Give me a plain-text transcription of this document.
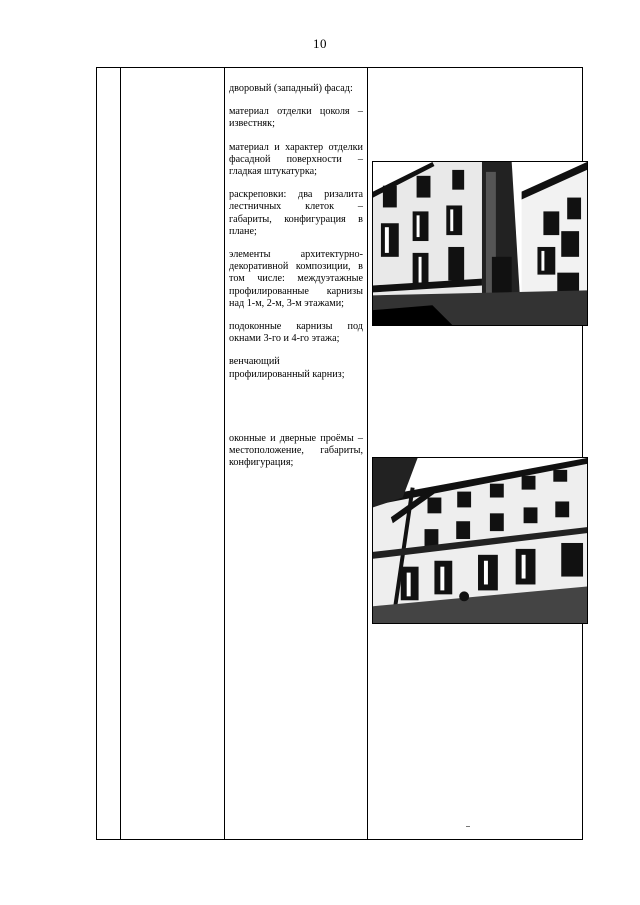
10

дворовый (западный) фасад:

материал отделки цоколя – известняк;

материал и характер отделки фасадной поверхности – гладкая штукатурка;

раскреповки: два ризалита лестничных клеток – габариты, конфигурация в плане;

элементы архитектурно-декоративной композиции, в том числе: междуэтажные профилированные карнизы над 1-м, 2-м, 3-м этажами;

подоконные карнизы под окнами 3-го и 4-го этажа;

венчающий профилированный карниз;

оконные и дверные проёмы – местоположение, габариты, конфигурация;
